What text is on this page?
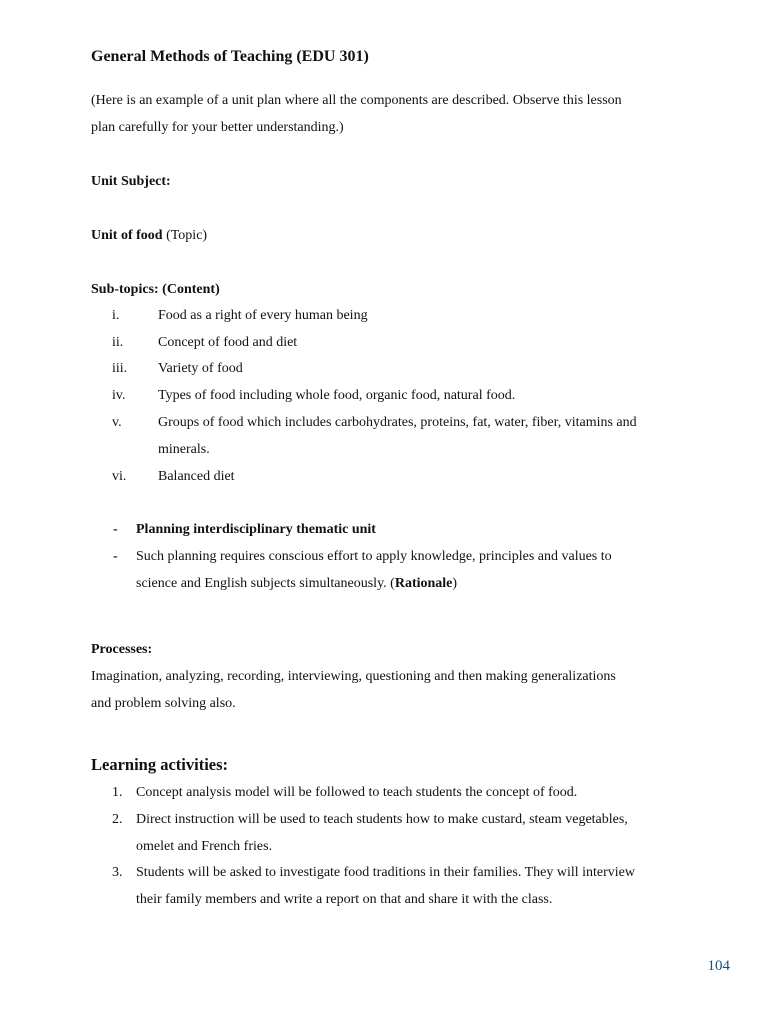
General Methods of Teaching (EDU 301)
(Here is an example of a unit plan where all the components are described. Observe this lesson
plan carefully for your better understanding.)
Unit Subject:
Unit of food (Topic)
Sub-topics: (Content)
i.	Food as a right of every human being
ii. Concept of food and diet
iii. Variety of food
iv. Types of food including whole food, organic food, natural food.
v.	Groups of food which includes carbohydrates, proteins, fat, water, fiber, vitamins and
minerals.
vi. Balanced diet
- Planning interdisciplinary thematic unit
- Such planning requires conscious effort to apply knowledge, principles and values to
science and English subjects simultaneously. (Rationale)
Processes:
Imagination, analyzing, recording, interviewing, questioning and then making generalizations
and problem solving also.
Learning activities:
1. Concept analysis model will be followed to teach students the concept of food.
2. Direct instruction will be used to teach students how to make custard, steam vegetables,
omelet and French fries.
3. Students will be asked to investigate food traditions in their families. They will interview
their family members and write a report on that and share it with the class.
104
